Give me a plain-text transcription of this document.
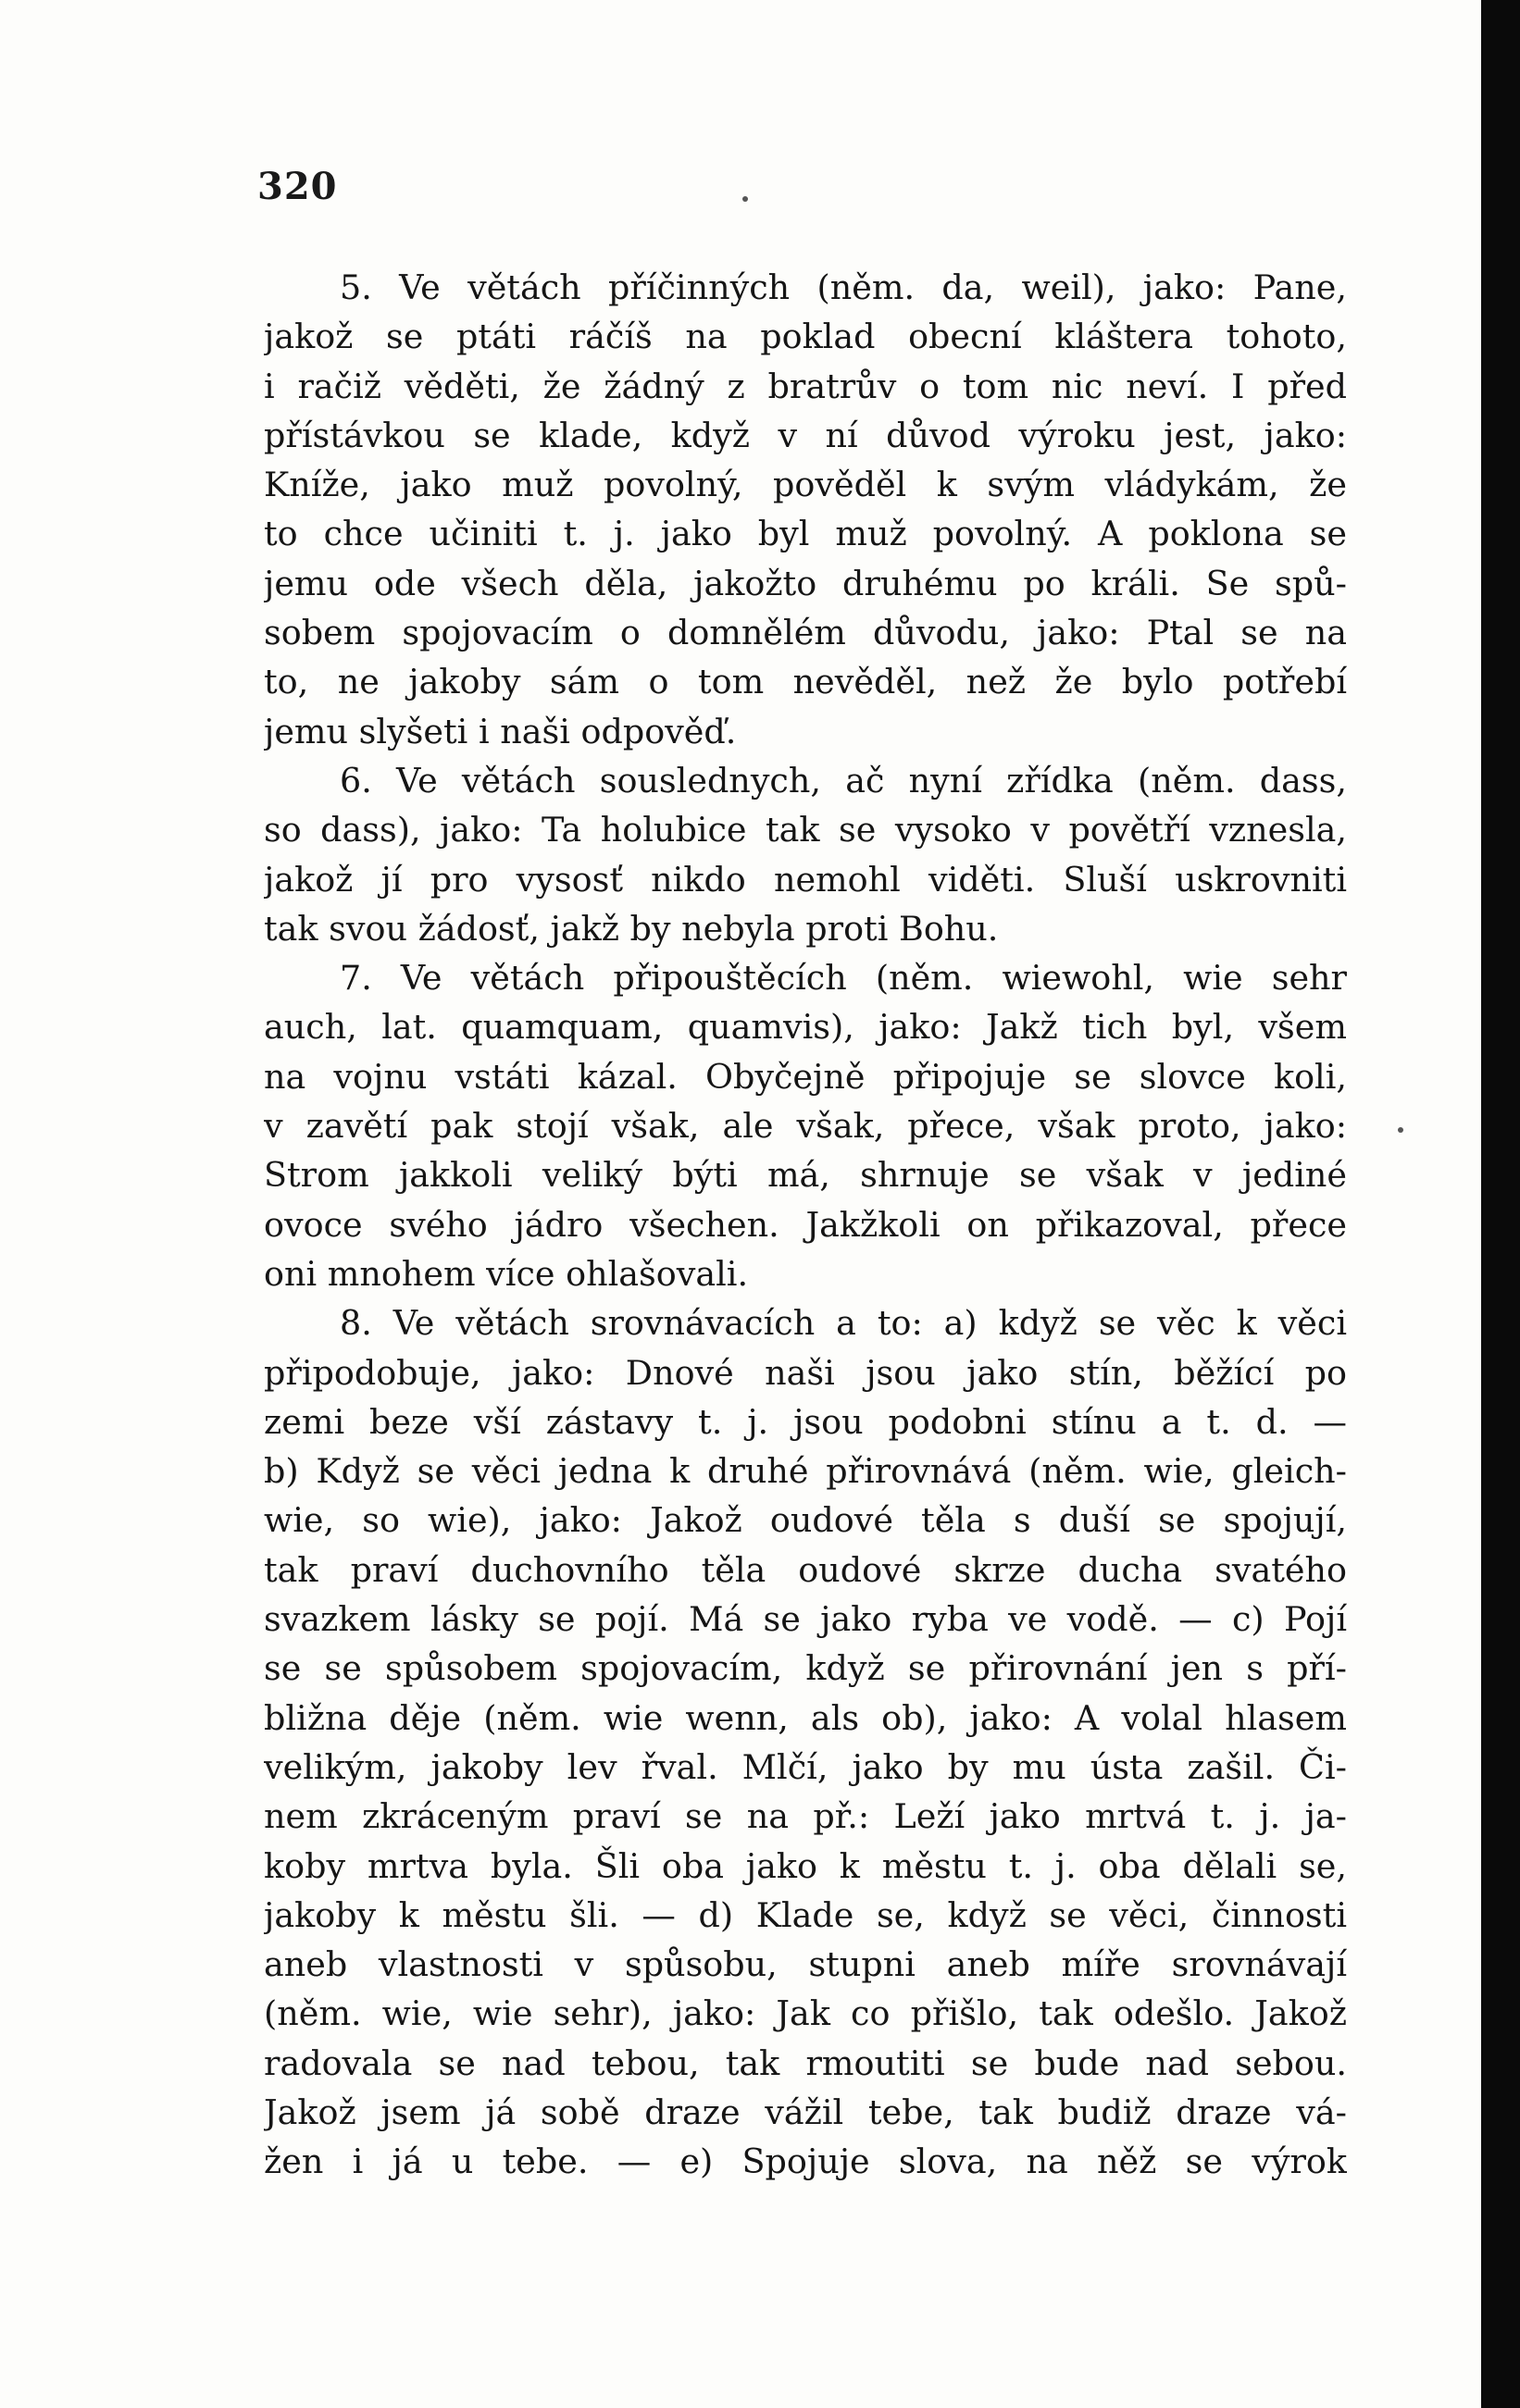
320
5. Ve větách příčinných (něm. da, weil), jako: Pane,
jakož se ptáti ráčíš na poklad obecní kláštera tohoto,
i račiž věděti, že žádný z bratrův o tom nic neví. I před
přístávkou se klade, když v ní důvod výroku jest, jako:
Kníže, jako muž povolný, pověděl k svým vládykám, že
to chce učiniti t. j. jako byl muž povolný. A poklona se
jemu ode všech děla, jakožto druhému po králi. Se spů-
sobem spojovacím o domnělém důvodu, jako: Ptal se na
to, ne jakoby sám o tom nevěděl, než že bylo potřebí
jemu slyšeti i naši odpověď.
6. Ve větách souslednych, ač nyní zřídka (něm. dass,
so dass), jako: Ta holubice tak se vysoko v povětří vznesla,
jakož jí pro vysosť nikdo nemohl viděti. Sluší uskrovniti
tak svou žádosť, jakž by nebyla proti Bohu.
7. Ve větách připouštěcích (něm. wiewohl, wie sehr
auch, lat. quamquam, quamvis), jako: Jakž tich byl, všem
na vojnu vstáti kázal. Obyčejně připojuje se slovce koli,
v zavětí pak stojí však, ale však, přece, však proto, jako:
Strom jakkoli veliký býti má, shrnuje se však v jediné
ovoce svého jádro všechen. Jakžkoli on přikazoval, přece
oni mnohem více ohlašovali.
8. Ve větách srovnávacích a to: a) když se věc k věci
připodobuje, jako: Dnové naši jsou jako stín, běžící po
zemi beze vší zástavy t. j. jsou podobni stínu a t. d. —
b) Když se věci jedna k druhé přirovnává (něm. wie, gleich-
wie, so wie), jako: Jakož oudové těla s duší se spojují,
tak praví duchovního těla oudové skrze ducha svatého
svazkem lásky se pojí. Má se jako ryba ve vodě. — c) Pojí
se se spůsobem spojovacím, když se přirovnání jen s pří-
bližna děje (něm. wie wenn, als ob), jako: A volal hlasem
velikým, jakoby lev řval. Mlčí, jako by mu ústa zašil. Či-
nem zkráceným praví se na př.: Leží jako mrtvá t. j. ja-
koby mrtva byla. Šli oba jako k městu t. j. oba dělali se,
jakoby k městu šli. — d) Klade se, když se věci, činnosti
aneb vlastnosti v spůsobu, stupni aneb míře srovnávají
(něm. wie, wie sehr), jako: Jak co přišlo, tak odešlo. Jakož
radovala se nad tebou, tak rmoutiti se bude nad sebou.
Jakož jsem já sobě draze vážil tebe, tak budiž draze vá-
žen i já u tebe. — e) Spojuje slova, na něž se výrok
